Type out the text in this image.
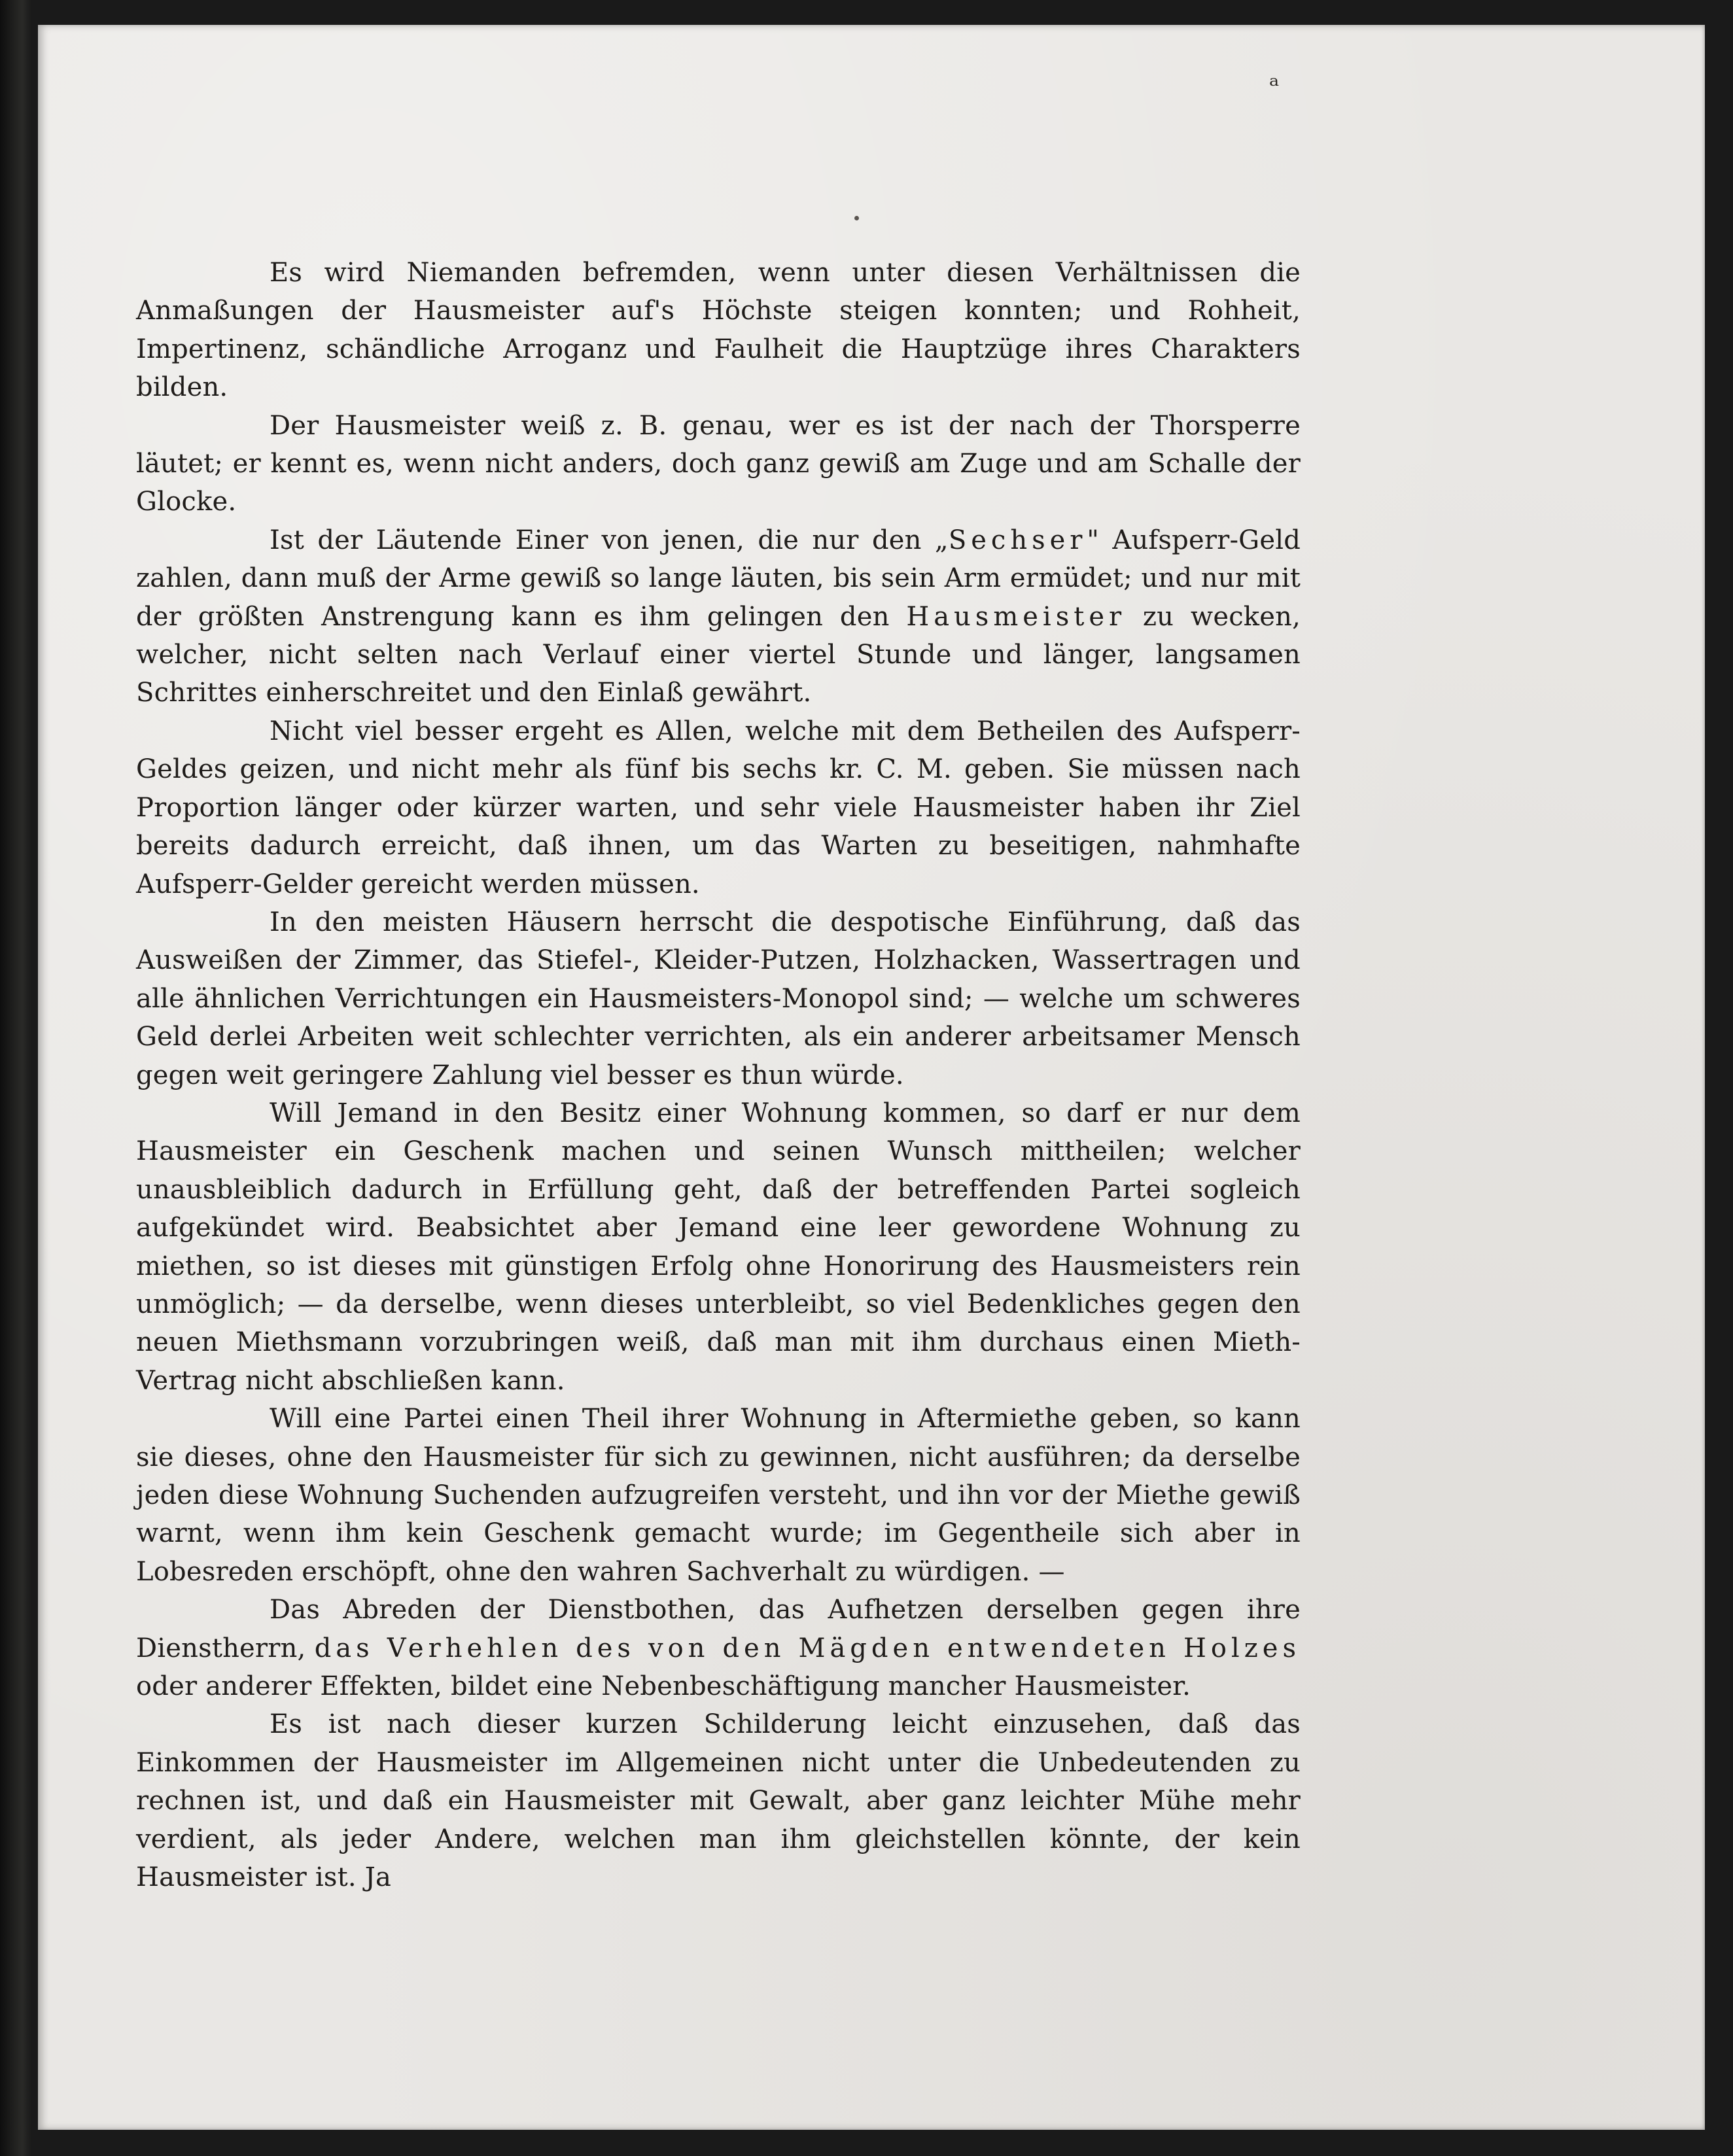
ᵃ

Es wird Niemanden befremden, wenn unter diesen Verhältnissen die Anmaßungen der Hausmeister auf's Höchste steigen konnten; und Rohheit, Impertinenz, schändliche Arroganz und Faulheit die Hauptzüge ihres Charakters bilden.

Der Hausmeister weiß z. B. genau, wer es ist der nach der Thorsperre läutet; er kennt es, wenn nicht anders, doch ganz gewiß am Zuge und am Schalle der Glocke.

Ist der Läutende Einer von jenen, die nur den „Sechser" Aufsperr-Geld zahlen, dann muß der Arme gewiß so lange läuten, bis sein Arm ermüdet; und nur mit der größten Anstrengung kann es ihm gelingen den Hausmeister zu wecken, welcher, nicht selten nach Verlauf einer viertel Stunde und länger, langsamen Schrittes einherschreitet und den Einlaß gewährt.

Nicht viel besser ergeht es Allen, welche mit dem Betheilen des Aufsperr-Geldes geizen, und nicht mehr als fünf bis sechs kr. C. M. geben. Sie müssen nach Proportion länger oder kürzer warten, und sehr viele Hausmeister haben ihr Ziel bereits dadurch erreicht, daß ihnen, um das Warten zu beseitigen, nahmhafte Aufsperr-Gelder gereicht werden müssen.

In den meisten Häusern herrscht die despotische Einführung, daß das Ausweißen der Zimmer, das Stiefel-, Kleider-Putzen, Holzhacken, Wassertragen und alle ähnlichen Verrichtungen ein Hausmeisters-Monopol sind; — welche um schweres Geld derlei Arbeiten weit schlechter verrichten, als ein anderer arbeitsamer Mensch gegen weit geringere Zahlung viel besser es thun würde.

Will Jemand in den Besitz einer Wohnung kommen, so darf er nur dem Hausmeister ein Geschenk machen und seinen Wunsch mittheilen; welcher unausbleiblich dadurch in Erfüllung geht, daß der betreffenden Partei sogleich aufgekündet wird. Beabsichtet aber Jemand eine leer gewordene Wohnung zu miethen, so ist dieses mit günstigen Erfolg ohne Honorirung des Hausmeisters rein unmöglich; — da derselbe, wenn dieses unterbleibt, so viel Bedenkliches gegen den neuen Miethsmann vorzubringen weiß, daß man mit ihm durchaus einen Mieth-Vertrag nicht abschließen kann.

Will eine Partei einen Theil ihrer Wohnung in Aftermiethe geben, so kann sie dieses, ohne den Hausmeister für sich zu gewinnen, nicht ausführen; da derselbe jeden diese Wohnung Suchenden aufzugreifen versteht, und ihn vor der Miethe gewiß warnt, wenn ihm kein Geschenk gemacht wurde; im Gegentheile sich aber in Lobesreden erschöpft, ohne den wahren Sachverhalt zu würdigen. —

Das Abreden der Dienstbothen, das Aufhetzen derselben gegen ihre Dienstherrn, das Verhehlen des von den Mägden entwendeten Holzes oder anderer Effekten, bildet eine Nebenbeschäftigung mancher Hausmeister.

Es ist nach dieser kurzen Schilderung leicht einzusehen, daß das Einkommen der Hausmeister im Allgemeinen nicht unter die Unbedeutenden zu rechnen ist, und daß ein Hausmeister mit Gewalt, aber ganz leichter Mühe mehr verdient, als jeder Andere, welchen man ihm gleichstellen könnte, der kein Hausmeister ist. Ja
